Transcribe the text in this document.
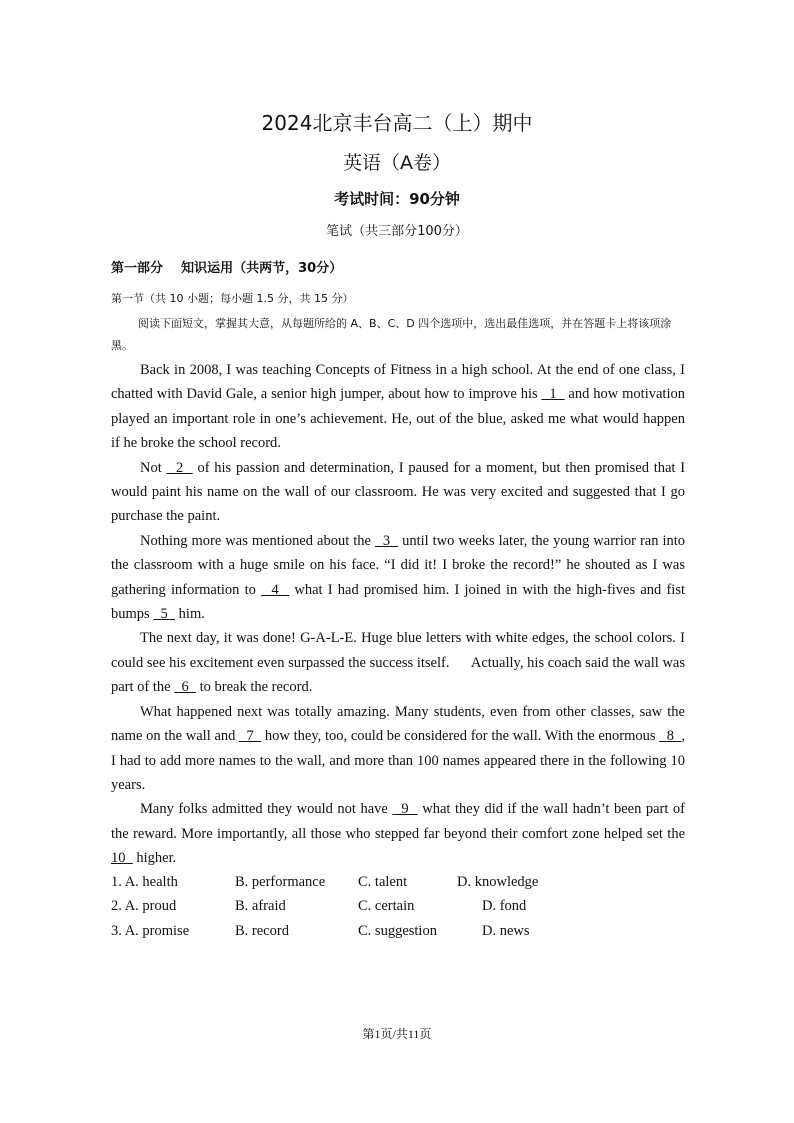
2024北京丰台高二（上）期中
英语（A卷）
考试时间：90分钟
笔试（共三部分100分）
第一部分    知识运用（共两节，30分）
第一节（共 10 小题；每小题 1.5 分，共 15 分）
阅读下面短文，掌握其大意，从每题所给的 A、B、C、D 四个选项中，选出最佳选项，并在答题卡上将该项涂黑。

Back in 2008, I was teaching Concepts of Fitness in a high school. At the end of one class, I chatted with David Gale, a senior high jumper, about how to improve his   1   and how motivation played an important role in one’s achievement. He, out of the blue, asked me what would happen if he broke the school record.

Not   2   of his passion and determination, I paused for a moment, but then promised that I would paint his name on the wall of our classroom. He was very excited and suggested that I go purchase the paint.

Nothing more was mentioned about the   3   until two weeks later, the young warrior ran into the classroom with a huge smile on his face. “I did it! I broke the record!” he shouted as I was gathering information to   4   what I had promised him. I joined in with the high-fives and fist bumps   5   him.

The next day, it was done! G-A-L-E. Huge blue letters with white edges, the school colors. I could see his excitement even surpassed the success itself.      Actually, his coach said the wall was part of the   6   to break the record.

What happened next was totally amazing. Many students, even from other classes, saw the name on the wall and   7   how they, too, could be considered for the wall. With the enormous   8  , I had to add more names to the wall, and more than 100 names appeared there in the following 10 years.

Many folks admitted they would not have   9   what they did if the wall hadn’t been part of the reward. More importantly, all those who stepped far beyond their comfort zone helped set the 10   higher.

1. A. health	B. performance C. talent	D. knowledge
2. A. proud	B. afraid	C. certain	D. fond
3. A. promise	B. record	C. suggestion	D. news
第1页/共11页
